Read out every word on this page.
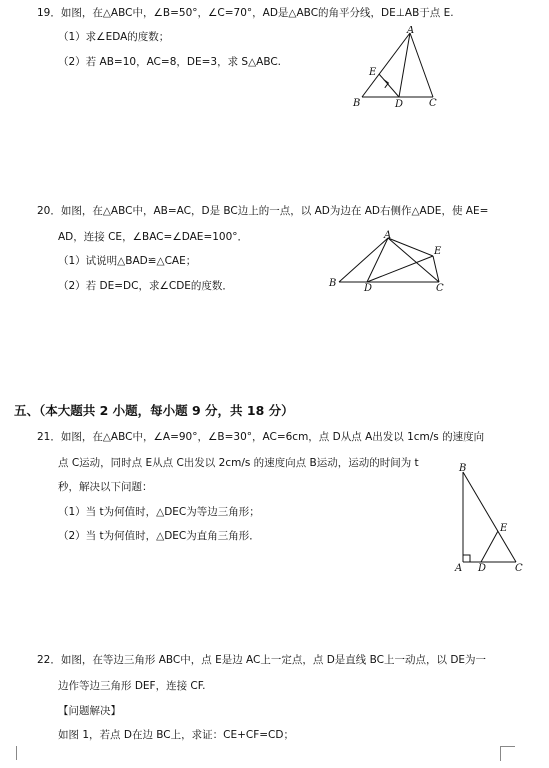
19．如图，在△ABC中，∠B=50°，∠C=70°，AD是△ABC的角平分线，DE⊥AB于点 E.
（1）求∠EDA的度数；
（2）若 AB=10，AC=8，DE=3，求 S△ABC.
A
B	C
D
E
20．如图，在△ABC中，AB=AC，D是 BC边上的一点，以 AD为边在 AD右侧作△ADE，使 AE=
AD，连接 CE，∠BAC=∠DAE=100°．
（1）试说明△BAD≌△CAE；
（2）若 DE=DC，求∠CDE的度数．
A
B	C
D
E
五、（本大题共 2 小题，每小题 9 分，共 18 分）
21．如图，在△ABC中，∠A=90°，∠B=30°，AC=6cm，点 D从点 A出发以 1cm/s 的速度向
点 C运动，同时点 E从点 C出发以 2cm/s 的速度向点 B运动，运动的时间为 t
秒，解决以下问题：
（1）当 t为何值时，△DEC为等边三角形；
（2）当 t为何值时，△DEC为直角三角形．
B
A D	C
E
22．如图，在等边三角形 ABC中，点 E是边 AC上一定点，点 D是直线 BC上一动点，以 DE为一
边作等边三角形 DEF，连接 CF.
【问题解决】
如图 1，若点 D在边 BC上，求证：CE+CF=CD；
